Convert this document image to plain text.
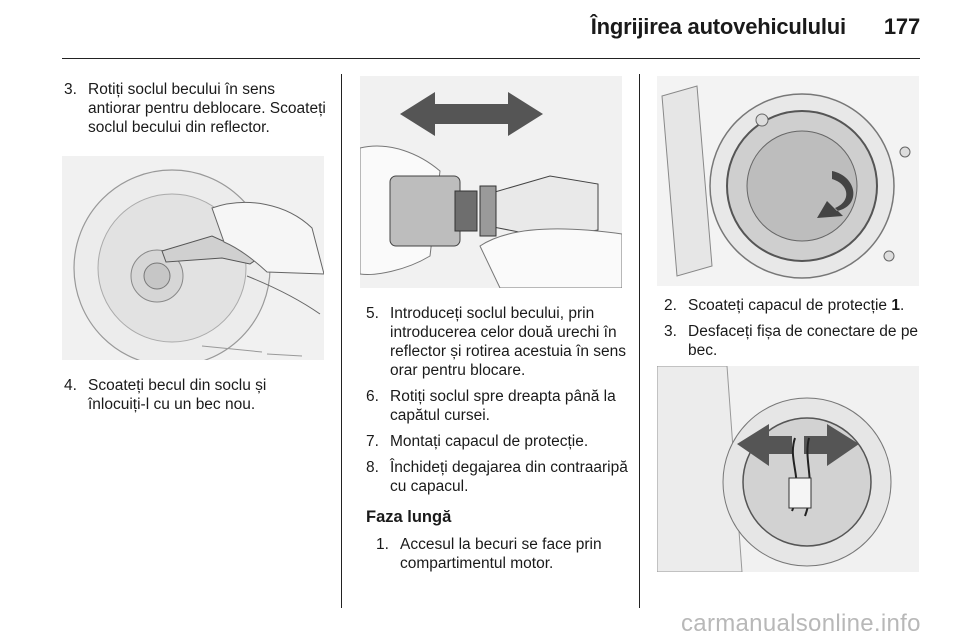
Îngrijirea autovehiculului 177
3. Rotiți soclul becului în sens antiorar pentru deblocare. Scoateți soclul becului din reflector.
4. Scoateți becul din soclu și înlocuiți-l cu un bec nou.
5. Introduceți soclul becului, prin introducerea celor două urechi în reflector și rotirea acestuia în sens orar pentru blocare.
6. Rotiți soclul spre dreapta până la capătul cursei.
7. Montați capacul de protecție.
8. Închideți degajarea din contraaripă cu capacul.
Faza lungă
1. Accesul la becuri se face prin compartimentul motor.
2. Scoateți capacul de protecție 1.
3. Desfaceți fișa de conectare de pe bec.
carmanualsonline.info
